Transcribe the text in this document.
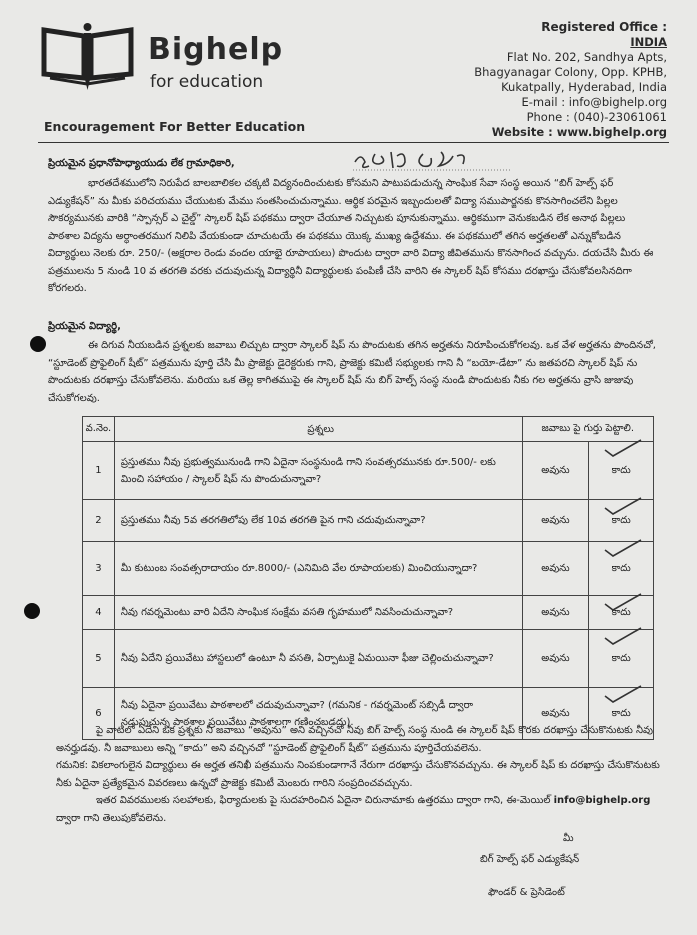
Bighelp
for education
Encouragement For Better Education
Registered Office :
INDIA
Flat No. 202, Sandhya Apts,
Bhagyanagar Colony, Opp. KPHB,
Kukatpally, Hyderabad, India
E-mail : info@bighelp.org
Phone : (040)-23061061
Website : www.bighelp.org
ప్రియమైన ప్రధానోపాధ్యాయుడు లేక గ్రామాధికారి,
భారతదేశములోని నిరుపేద బాలబాలికల చక్కటి విద్యనందించుటకు కోసమని పాటుపడుచున్న సాంఘిక సేవా సంస్థ అయిన “బిగ్ హెల్ప్ ఫర్ ఎడ్యుకేషన్” ను మీకు పరిచయము చేయుటకు మేము సంతసించుచున్నాము. ఆర్థిక పరమైన ఇబ్బందులతో విద్యా సముపార్జనకు కొనసాగించలేని పిల్లల సౌకర్యమునకు వారికి “స్పాన్సర్ ఎ చైల్డ్” స్కాలర్ షిప్ పథకము ద్వారా చేయూత నిచ్చుటకు పూనుకున్నాము. ఆర్థికముగా వెనుకబడిన లేక అనాథ పిల్లలు పాఠశాల విద్యను అర్ధాంతరముగ నిలిపి వేయకుండా చూచుటయే ఈ పథకము యొక్క ముఖ్య ఉద్దేశము. ఈ పథకములో తగిన అర్హతలతో ఎన్నుకోబడిన విద్యార్థులు నెలకు రూ. 250/- (అక్షరాల రెండు వందల యాభై రూపాయలు) పొందుట ద్వారా వారి విద్యా జీవితమును కొనసాగించ వచ్చును. దయచేసి మీరు ఈ పత్రములను 5 నుండి 10 వ తరగతి వరకు చదువుచున్న విద్యార్థినీ విద్యార్థులకు పంపిణీ చేసి వారిని ఈ స్కాలర్ షిప్ కోసము దరఖాస్తు చేసుకోవలసినదిగా కోరగలరు.
ప్రియమైన విద్యార్థి,
ఈ దిగువ నీయబడిన ప్రశ్నలకు జవాబు లిచ్చుట ద్వారా స్కాలర్ షిప్ ను పొందుటకు తగిన అర్హతను నిరూపించుకోగలవు. ఒక వేళ అర్హతను పొందినచో, “స్టూడెంట్ ప్రొఫైలింగ్ షీట్” పత్రమును పూర్తి చేసి మీ ప్రాజెక్టు డైరెక్టరుకు గాని, ప్రాజెక్టు కమిటీ సభ్యులకు గాని నీ “బయో-డేటా” ను జతపరచి స్కాలర్ షిప్ ను పొందుటకు దరఖాస్తు చేసుకోవలెను. మరియు ఒక తెల్ల కాగితముపై ఈ స్కాలర్ షిప్ ను బిగ్ హెల్ప్ సంస్థ నుండి పొందుటకు నీకు గల అర్హతను వ్రాసి జుజువు చేసుకోగలవు.
వ.నెం.	ప్రశ్నలు	జవాబు పై గుర్తు పెట్టాలి.	
1	ప్రస్తుతము నీవు ప్రభుత్వమునుండి గాని ఏదైనా సంస్థనుండి గాని సంవత్సరమునకు రూ.500/- లకు మించి సహాయం / స్కాలర్ షిప్ ను పొందుచున్నావా?	అవును	కాదు
2	ప్రస్తుతము నీవు 5వ తరగతిలోపు లేక 10వ తరగతి పైన గాని చదువుచున్నావా?	అవును	కాదు
3	మీ కుటుంబ సంవత్సరాదాయం రూ.8000/- (ఎనిమిది వేల రూపాయలకు) మించియున్నాదా?	అవును	కాదు
4	నీవు గవర్నమెంటు వారి ఏదేని సాంఘిక సంక్షేమ వసతి గృహములో నివసించుచున్నావా?	అవును	కాదు
5	నీవు ఏదేని ప్రయివేటు హాస్టలులో ఉంటూ నీ వసతి, ఏర్పాటుకై ఏమయినా ఫీజు చెల్లించుచున్నావా?	అవును	కాదు
6	నీవు ఏదైనా ప్రయివేటు పాఠశాలలో చదువుచున్నావా? (గమనిక - గవర్నమెంట్ సబ్సిడీ ద్వారా నడుపుచున్న పాఠశాల ప్రయివేటు పాఠశాలగా గణించబడదు).	అవును	కాదు
పై వాటిలో ఏదేని ఒక ప్రశ్నకు నీ జవాబు “అవును” అని వచ్చినచో నీవు బిగ్ హెల్ప్ సంస్థ నుండి ఈ స్కాలర్ షిప్ కొరకు దరఖాస్తు చేసుకొనుటకు నీవు అనర్హుడవు. నీ జవాబులు అన్ని “కాదు” అని వచ్చినచో “స్టూడెంట్ ప్రొఫైలింగ్ షీట్” పత్రమును పూర్తిచేయవలెను.
గమనిక: వికలాంగులైన విద్యార్థులు ఈ అర్హత తనిఖీ పత్రమును నింపకుండాగానే నేరుగా దరఖాస్తు చేసుకొనవచ్చును. ఈ స్కాలర్ షిప్ కు దరఖాస్తు చేసుకొనుటకు నీకు ఏదైనా ప్రత్యేకమైన వివరణలు ఉన్నచో ప్రాజెక్టు కమిటీ మెంబరు గారిని సంప్రదించవచ్చును.
ఇతర వివరములకు సలహాలకు, ఫిర్యాదులకు పై సుదహరించిన ఏదైనా చిరునామాకు ఉత్తరము ద్వారా గాని, ఈ-మెయిల్ info@bighelp.org ద్వారా గాని తెలుపుకోవలెను.
మీ
బిగ్ హెల్ప్ ఫర్ ఎడ్యుకేషన్
ఫౌండర్ & ప్రెసిడెంట్
